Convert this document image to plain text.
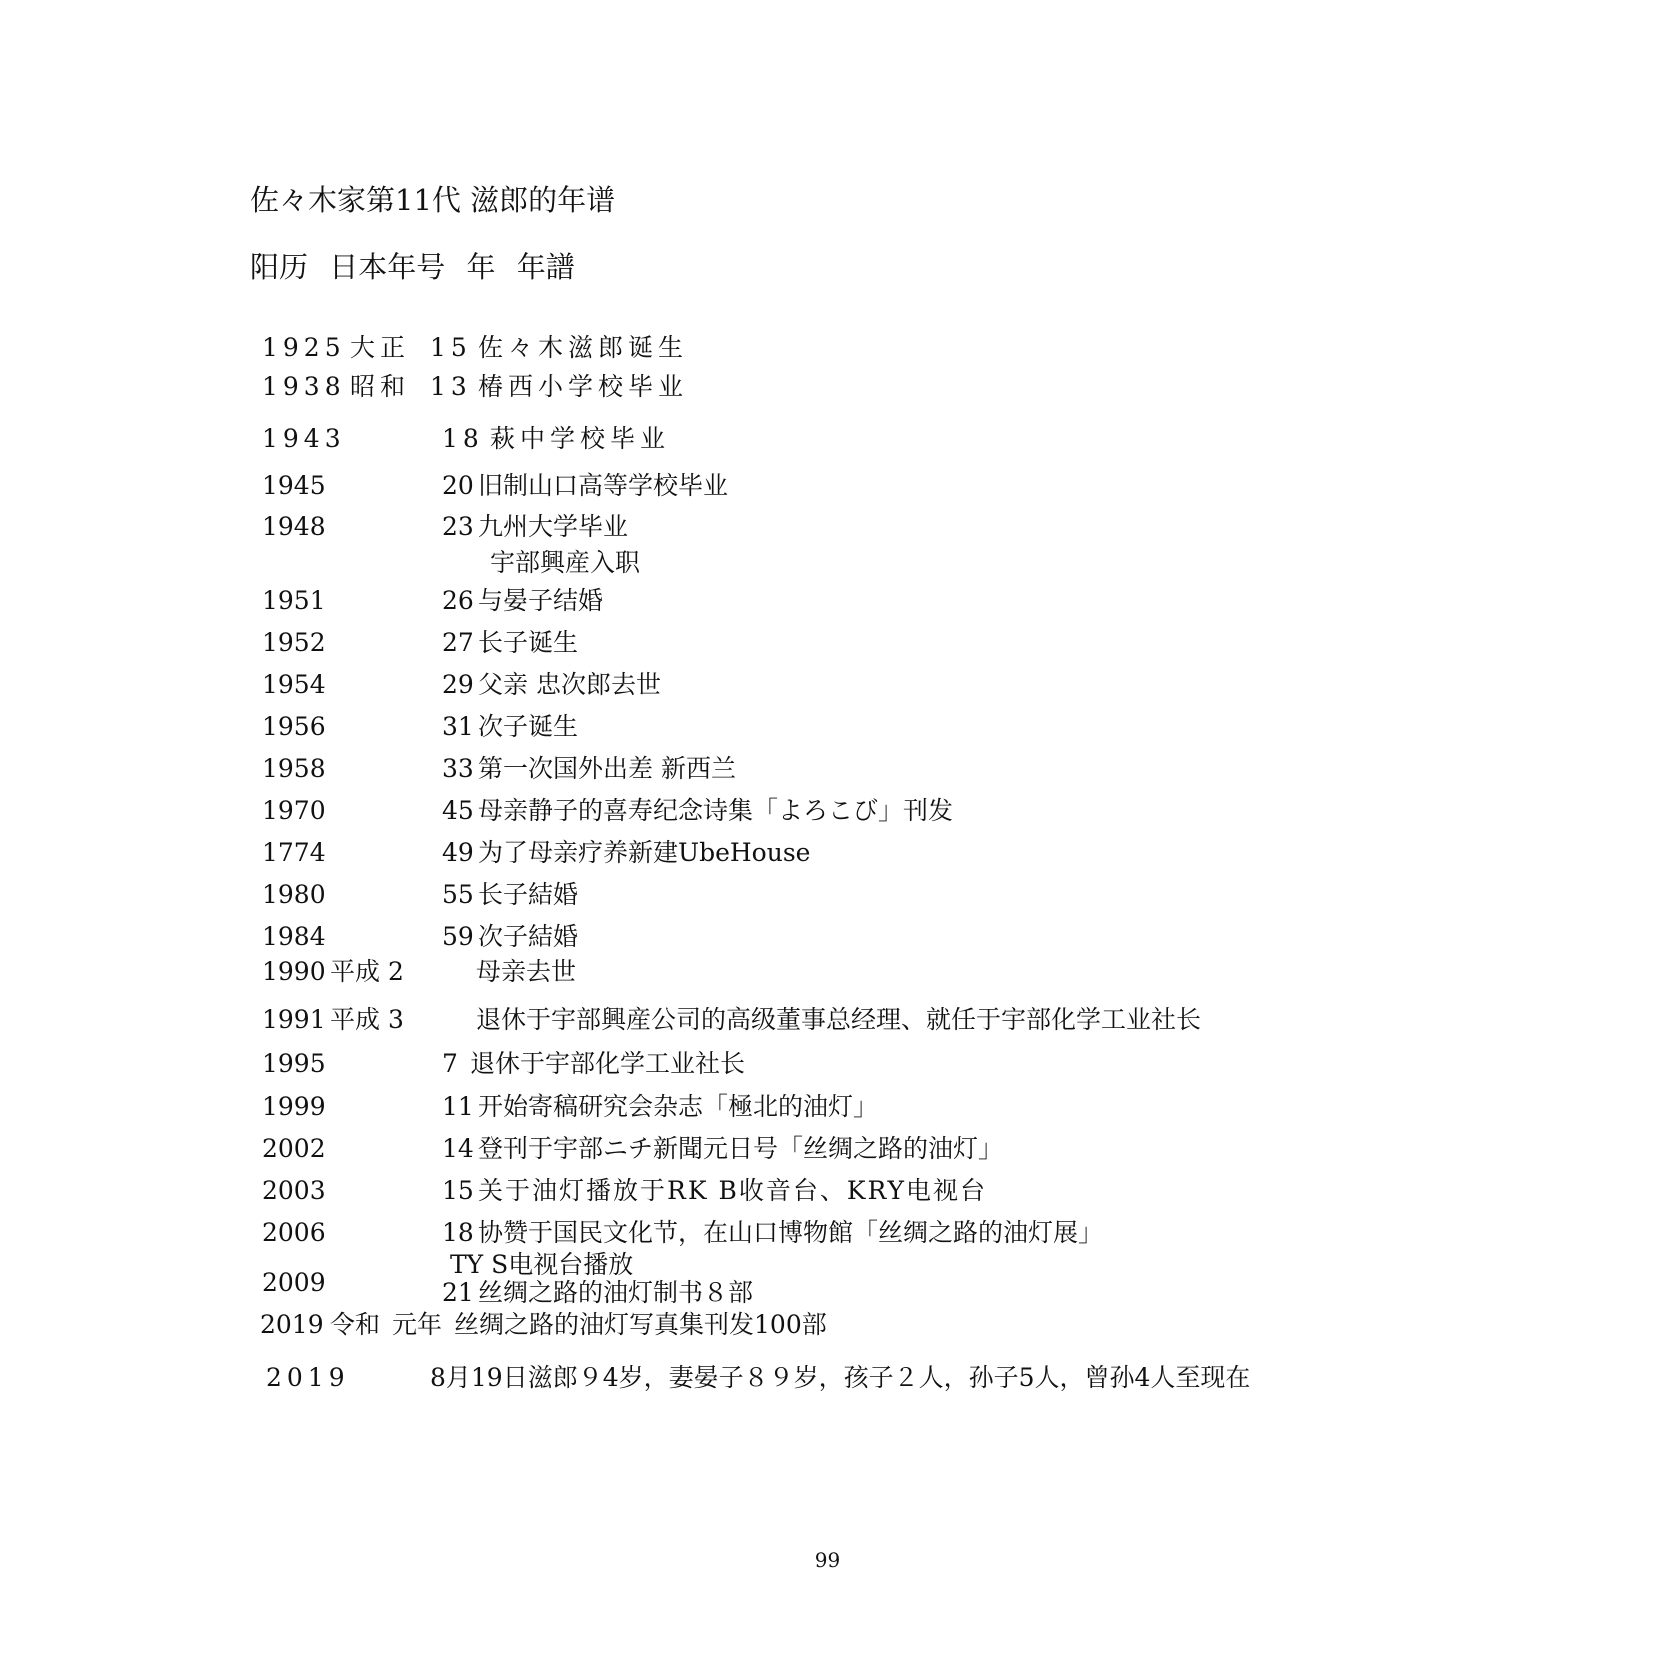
佐々木家第11代 滋郎的年谱
阳历 日本年号 年 年譜
1925 大正 15 佐々木滋郎诞生
1938 昭和 13 椿西小学校毕业
1943	18 萩中学校毕业
1945	20 旧制山口高等学校毕业
1948	23 九州大学毕业
宇部興産入职
1951	26 与晏子结婚
1952	27 长子诞生
1954	29 父亲 忠次郎去世
1956	31 次子诞生
1958	33 第一次国外出差 新西兰
1970	45 母亲静子的喜寿纪念诗集「よろこび」刊发
1774	49 为了母亲疗养新建UbeHouse
1980	55 长子結婚
1984	59 次子結婚
1990 平成 2	母亲去世
1991 平成 3	退休于宇部興産公司的高级董事总经理、就任于宇部化学工业社长
1995	7 退休于宇部化学工业社长
1999	11 开始寄稿研究会杂志「極北的油灯」
2002	14 登刊于宇部ニチ新聞元日号「丝绸之路的油灯」
2003	15 关于油灯播放于RK B收音台、KRY电视台
2006	18 协赞于国民文化节，在山口博物館「丝绸之路的油灯展」
TY S电视台播放
2009	21 丝绸之路的油灯制书８部
2019 令和 元年 丝绸之路的油灯写真集刊发100部
2019	8月19日滋郎９4岁，妻晏子８９岁，孩子２人，孙子5人，曾孙4人至现在
99
